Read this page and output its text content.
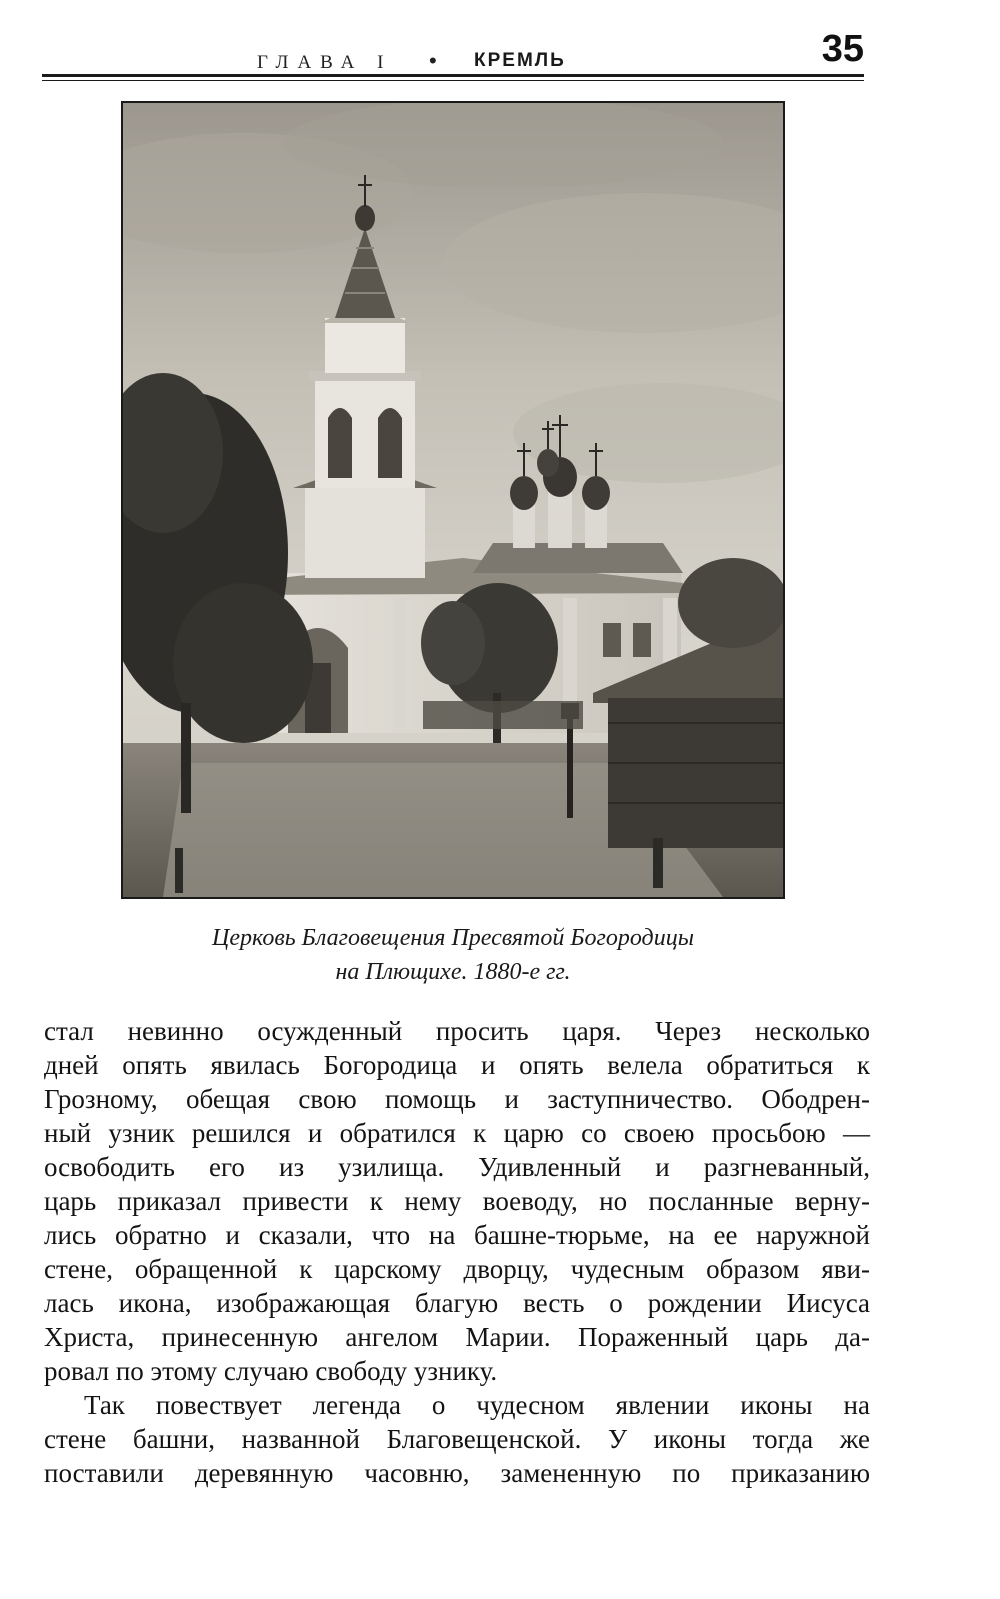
ГЛАВА I • КРЕМЛЬ	35
Церковь Благовещения Пресвятой Богородицы
на Плющихе. 1880-е гг.
стал невинно осужденный просить царя. Через несколько
дней опять явилась Богородица и опять велела обратиться к
Грозному, обещая свою помощь и заступничество. Ободрен-
ный узник решился и обратился к царю со своею просьбою —
освободить его из узилища. Удивленный и разгневанный,
царь приказал привести к нему воеводу, но посланные верну-
лись обратно и сказали, что на башне-тюрьме, на ее наружной
стене, обращенной к царскому дворцу, чудесным образом яви-
лась икона, изображающая благую весть о рождении Иисуса
Христа, принесенную ангелом Марии. Пораженный царь да-
ровал по этому случаю свободу узнику.
Так повествует легенда о чудесном явлении иконы на
стене башни, названной Благовещенской. У иконы тогда же
поставили деревянную часовню, замененную по приказанию
